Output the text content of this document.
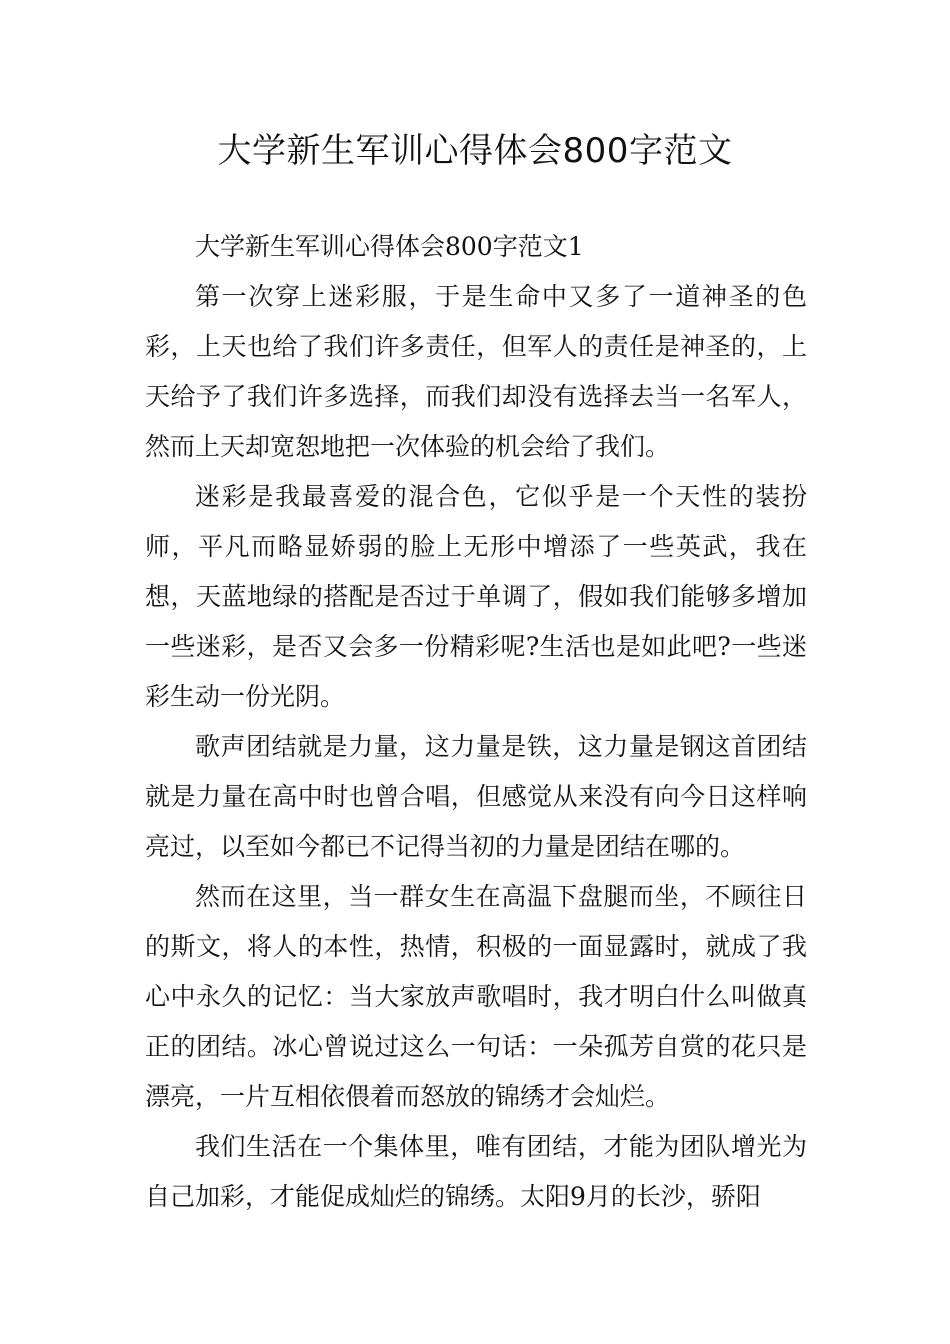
大学新生军训心得体会800字范文

大学新生军训心得体会800字范文1

第一次穿上迷彩服，于是生命中又多了一道神圣的色彩，上天也给了我们许多责任，但军人的责任是神圣的，上天给予了我们许多选择，而我们却没有选择去当一名军人，然而上天却宽恕地把一次体验的机会给了我们。

迷彩是我最喜爱的混合色，它似乎是一个天性的装扮师，平凡而略显娇弱的脸上无形中增添了一些英武，我在想，天蓝地绿的搭配是否过于单调了，假如我们能够多增加一些迷彩，是否又会多一份精彩呢?生活也是如此吧?一些迷彩生动一份光阴。

歌声团结就是力量，这力量是铁，这力量是钢这首团结就是力量在高中时也曾合唱，但感觉从来没有向今日这样响亮过，以至如今都已不记得当初的力量是团结在哪的。

然而在这里，当一群女生在高温下盘腿而坐，不顾往日的斯文，将人的本性，热情，积极的一面显露时，就成了我心中永久的记忆：当大家放声歌唱时，我才明白什么叫做真正的团结。冰心曾说过这么一句话：一朵孤芳自赏的花只是漂亮，一片互相依偎着而怒放的锦绣才会灿烂。

我们生活在一个集体里，唯有团结，才能为团队增光为自己加彩，才能促成灿烂的锦绣。太阳9月的长沙，骄阳
